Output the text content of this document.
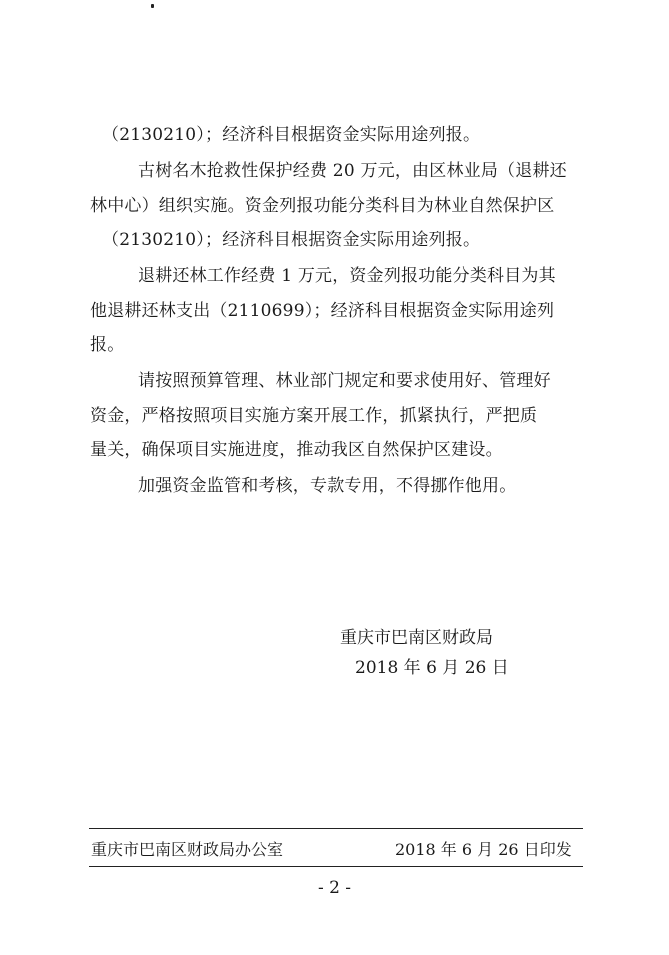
（2130210）；经济科目根据资金实际用途列报。
古树名木抢救性保护经费 20 万元，由区林业局（退耕还
林中心）组织实施。资金列报功能分类科目为林业自然保护区
（2130210）；经济科目根据资金实际用途列报。
退耕还林工作经费 1 万元，资金列报功能分类科目为其
他退耕还林支出（2110699）；经济科目根据资金实际用途列
报。
请按照预算管理、林业部门规定和要求使用好、管理好
资金，严格按照项目实施方案开展工作，抓紧执行，严把质
量关，确保项目实施进度，推动我区自然保护区建设。
加强资金监管和考核，专款专用，不得挪作他用。
重庆市巴南区财政局
2018 年 6 月 26 日
重庆市巴南区财政局办公室	2018 年 6 月 26 日印发
- 2 -
